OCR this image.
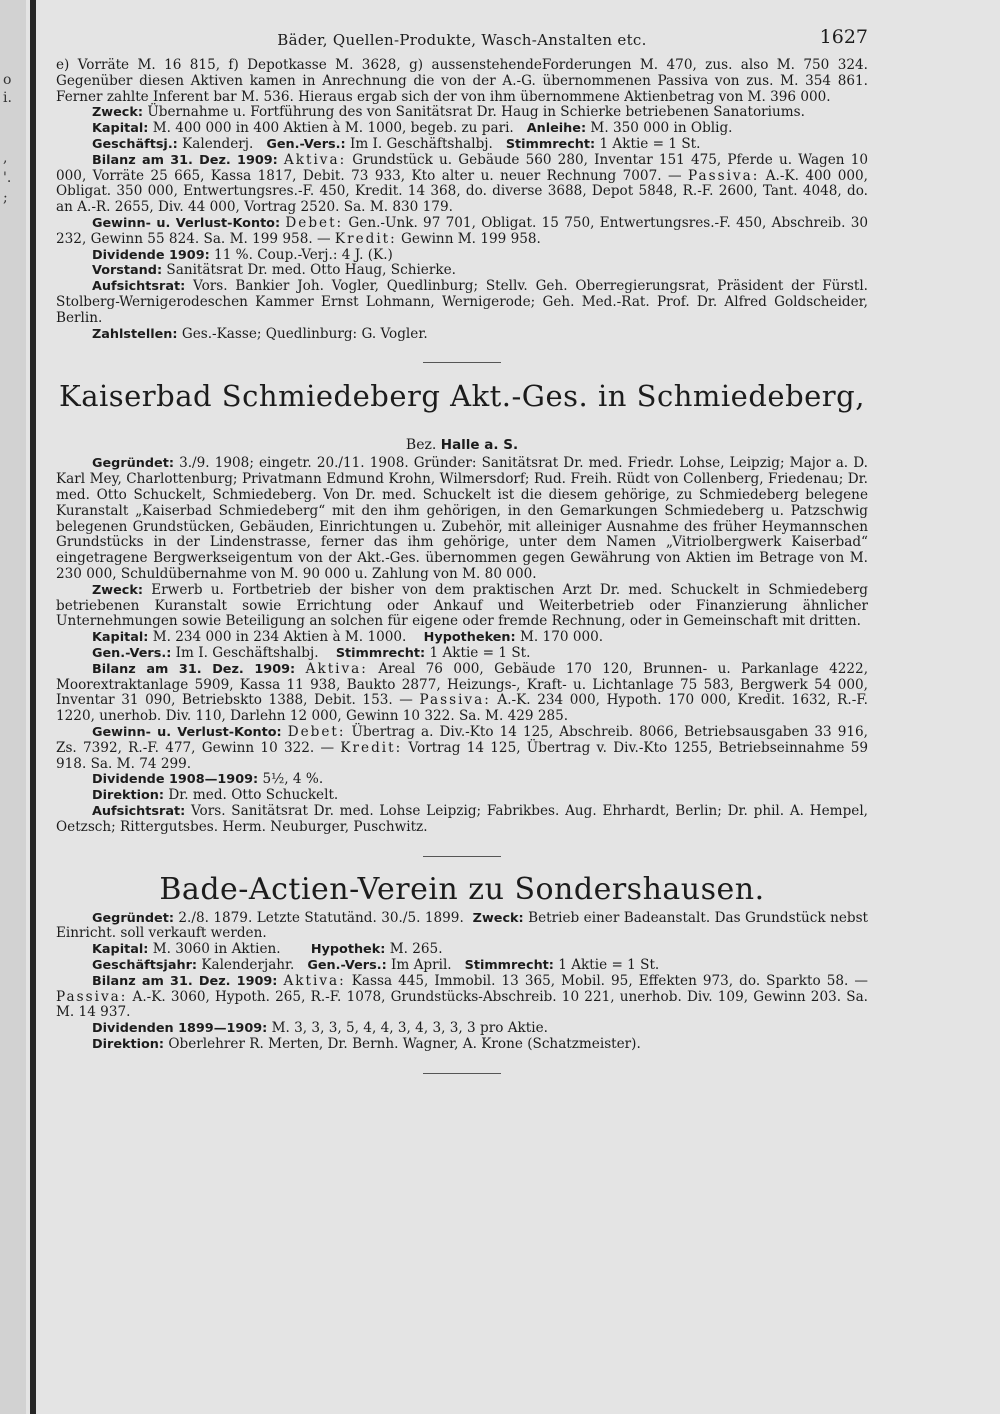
o
i.
,
'.
;
Bäder, Quellen-Produkte, Wasch-Anstalten etc.	1627

e) Vorräte M. 16 815, f) Depotkasse M. 3628, g) aussenstehendeForderungen M. 470, zus. also M. 750 324. Gegenüber diesen Aktiven kamen in Anrechnung die von der A.-G. übernommenen Passiva von zus. M. 354 861. Ferner zahlte Inferent bar M. 536. Hieraus ergab sich der von ihm übernommene Aktienbetrag von M. 396 000.

Zweck: Übernahme u. Fortführung des von Sanitätsrat Dr. Haug in Schierke betriebenen Sanatoriums.

Kapital: M. 400 000 in 400 Aktien à M. 1000, begeb. zu pari. Anleihe: M. 350 000 in Oblig.

Geschäftsj.: Kalenderj. Gen.-Vers.: Im I. Geschäftshalbj. Stimmrecht: 1 Aktie = 1 St.

Bilanz am 31. Dez. 1909: Aktiva: Grundstück u. Gebäude 560 280, Inventar 151 475, Pferde u. Wagen 10 000, Vorräte 25 665, Kassa 1817, Debit. 73 933, Kto alter u. neuer Rechnung 7007. — Passiva: A.-K. 400 000, Obligat. 350 000, Entwertungsres.-F. 450, Kredit. 14 368, do. diverse 3688, Depot 5848, R.-F. 2600, Tant. 4048, do. an A.-R. 2655, Div. 44 000, Vortrag 2520. Sa. M. 830 179.

Gewinn- u. Verlust-Konto: Debet: Gen.-Unk. 97 701, Obligat. 15 750, Entwertungsres.-F. 450, Abschreib. 30 232, Gewinn 55 824. Sa. M. 199 958. — Kredit: Gewinn M. 199 958.

Dividende 1909: 11 %. Coup.-Verj.: 4 J. (K.)

Vorstand: Sanitätsrat Dr. med. Otto Haug, Schierke.

Aufsichtsrat: Vors. Bankier Joh. Vogler, Quedlinburg; Stellv. Geh. Oberregierungsrat, Präsident der Fürstl. Stolberg-Wernigerodeschen Kammer Ernst Lohmann, Wernigerode; Geh. Med.-Rat. Prof. Dr. Alfred Goldscheider, Berlin.

Zahlstellen: Ges.-Kasse; Quedlinburg: G. Vogler.

Kaiserbad Schmiedeberg Akt.-Ges. in Schmiedeberg,
Bez. Halle a. S.

Gegründet: 3./9. 1908; eingetr. 20./11. 1908. Gründer: Sanitätsrat Dr. med. Friedr. Lohse, Leipzig; Major a. D. Karl Mey, Charlottenburg; Privatmann Edmund Krohn, Wilmersdorf; Rud. Freih. Rüdt von Collenberg, Friedenau; Dr. med. Otto Schuckelt, Schmiedeberg. Von Dr. med. Schuckelt ist die diesem gehörige, zu Schmiedeberg belegene Kuranstalt „Kaiserbad Schmiedeberg“ mit den ihm gehörigen, in den Gemarkungen Schmiedeberg u. Patzschwig belegenen Grundstücken, Gebäuden, Einrichtungen u. Zubehör, mit alleiniger Ausnahme des früher Heymannschen Grundstücks in der Lindenstrasse, ferner das ihm gehörige, unter dem Namen „Vitriolbergwerk Kaiserbad“ eingetragene Bergwerkseigentum von der Akt.-Ges. übernommen gegen Gewährung von Aktien im Betrage von M. 230 000, Schuldübernahme von M. 90 000 u. Zahlung von M. 80 000.

Zweck: Erwerb u. Fortbetrieb der bisher von dem praktischen Arzt Dr. med. Schuckelt in Schmiedeberg betriebenen Kuranstalt sowie Errichtung oder Ankauf und Weiterbetrieb oder Finanzierung ähnlicher Unternehmungen sowie Beteiligung an solchen für eigene oder fremde Rechnung, oder in Gemeinschaft mit dritten.

Kapital: M. 234 000 in 234 Aktien à M. 1000. Hypotheken: M. 170 000.

Gen.-Vers.: Im I. Geschäftshalbj. Stimmrecht: 1 Aktie = 1 St.

Bilanz am 31. Dez. 1909: Aktiva: Areal 76 000, Gebäude 170 120, Brunnen- u. Parkanlage 4222, Moorextraktanlage 5909, Kassa 11 938, Baukto 2877, Heizungs-, Kraft- u. Lichtanlage 75 583, Bergwerk 54 000, Inventar 31 090, Betriebskto 1388, Debit. 153. — Passiva: A.-K. 234 000, Hypoth. 170 000, Kredit. 1632, R.-F. 1220, unerhob. Div. 110, Darlehn 12 000, Gewinn 10 322. Sa. M. 429 285.

Gewinn- u. Verlust-Konto: Debet: Übertrag a. Div.-Kto 14 125, Abschreib. 8066, Betriebsausgaben 33 916, Zs. 7392, R.-F. 477, Gewinn 10 322. — Kredit: Vortrag 14 125, Übertrag v. Div.-Kto 1255, Betriebseinnahme 59 918. Sa. M. 74 299.

Dividende 1908—1909: 5½, 4 %.

Direktion: Dr. med. Otto Schuckelt.

Aufsichtsrat: Vors. Sanitätsrat Dr. med. Lohse Leipzig; Fabrikbes. Aug. Ehrhardt, Berlin; Dr. phil. A. Hempel, Oetzsch; Rittergutsbes. Herm. Neuburger, Puschwitz.

Bade-Actien-Verein zu Sondershausen.

Gegründet: 2./8. 1879. Letzte Statutänd. 30./5. 1899. Zweck: Betrieb einer Badeanstalt. Das Grundstück nebst Einricht. soll verkauft werden.

Kapital: M. 3060 in Aktien. Hypothek: M. 265.

Geschäftsjahr: Kalenderjahr. Gen.-Vers.: Im April. Stimmrecht: 1 Aktie = 1 St.

Bilanz am 31. Dez. 1909: Aktiva: Kassa 445, Immobil. 13 365, Mobil. 95, Effekten 973, do. Sparkto 58. — Passiva: A.-K. 3060, Hypoth. 265, R.-F. 1078, Grundstücks-Abschreib. 10 221, unerhob. Div. 109, Gewinn 203. Sa. M. 14 937.

Dividenden 1899—1909: M. 3, 3, 3, 5, 4, 4, 3, 4, 3, 3, 3 pro Aktie.

Direktion: Oberlehrer R. Merten, Dr. Bernh. Wagner, A. Krone (Schatzmeister).
